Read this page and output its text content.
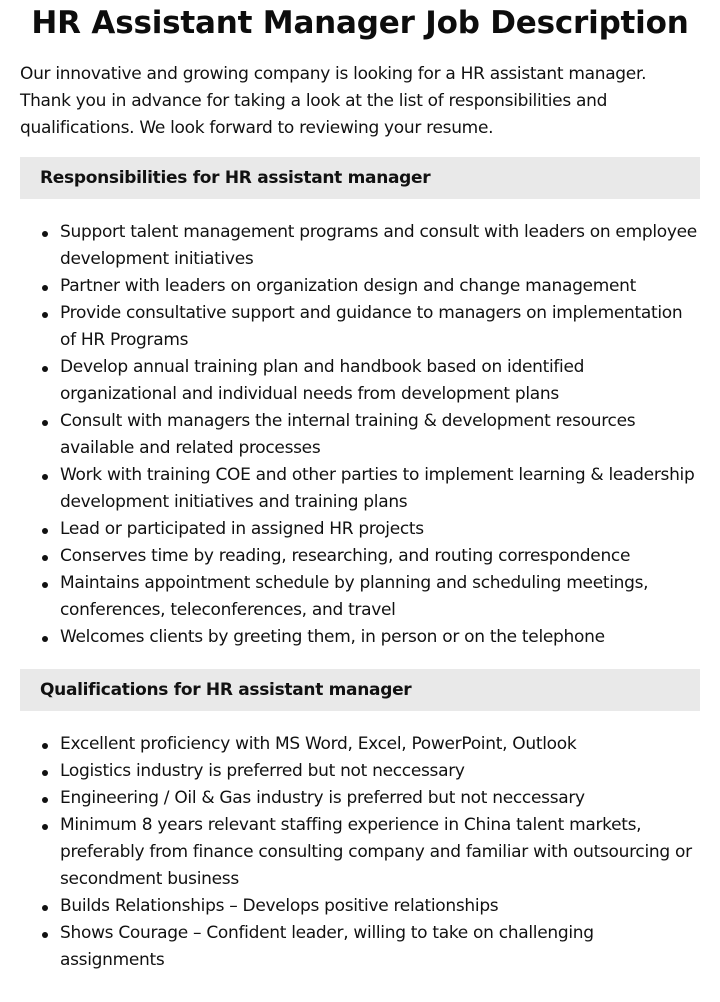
HR Assistant Manager Job Description

Our innovative and growing company is looking for a HR assistant manager. Thank you in advance for taking a look at the list of responsibilities and qualifications. We look forward to reviewing your resume.

Responsibilities for HR assistant manager
Support talent management programs and consult with leaders on employee development initiatives
Partner with leaders on organization design and change management
Provide consultative support and guidance to managers on implementation of HR Programs
Develop annual training plan and handbook based on identified organizational and individual needs from development plans
Consult with managers the internal training & development resources available and related processes
Work with training COE and other parties to implement learning & leadership development initiatives and training plans
Lead or participated in assigned HR projects
Conserves time by reading, researching, and routing correspondence
Maintains appointment schedule by planning and scheduling meetings, conferences, teleconferences, and travel
Welcomes clients by greeting them, in person or on the telephone
Qualifications for HR assistant manager
Excellent proficiency with MS Word, Excel, PowerPoint, Outlook
Logistics industry is preferred but not neccessary
Engineering / Oil & Gas industry is preferred but not neccessary
Minimum 8 years relevant staffing experience in China talent markets, preferably from finance consulting company and familiar with outsourcing or secondment business
Builds Relationships – Develops positive relationships
Shows Courage – Confident leader, willing to take on challenging assignments
